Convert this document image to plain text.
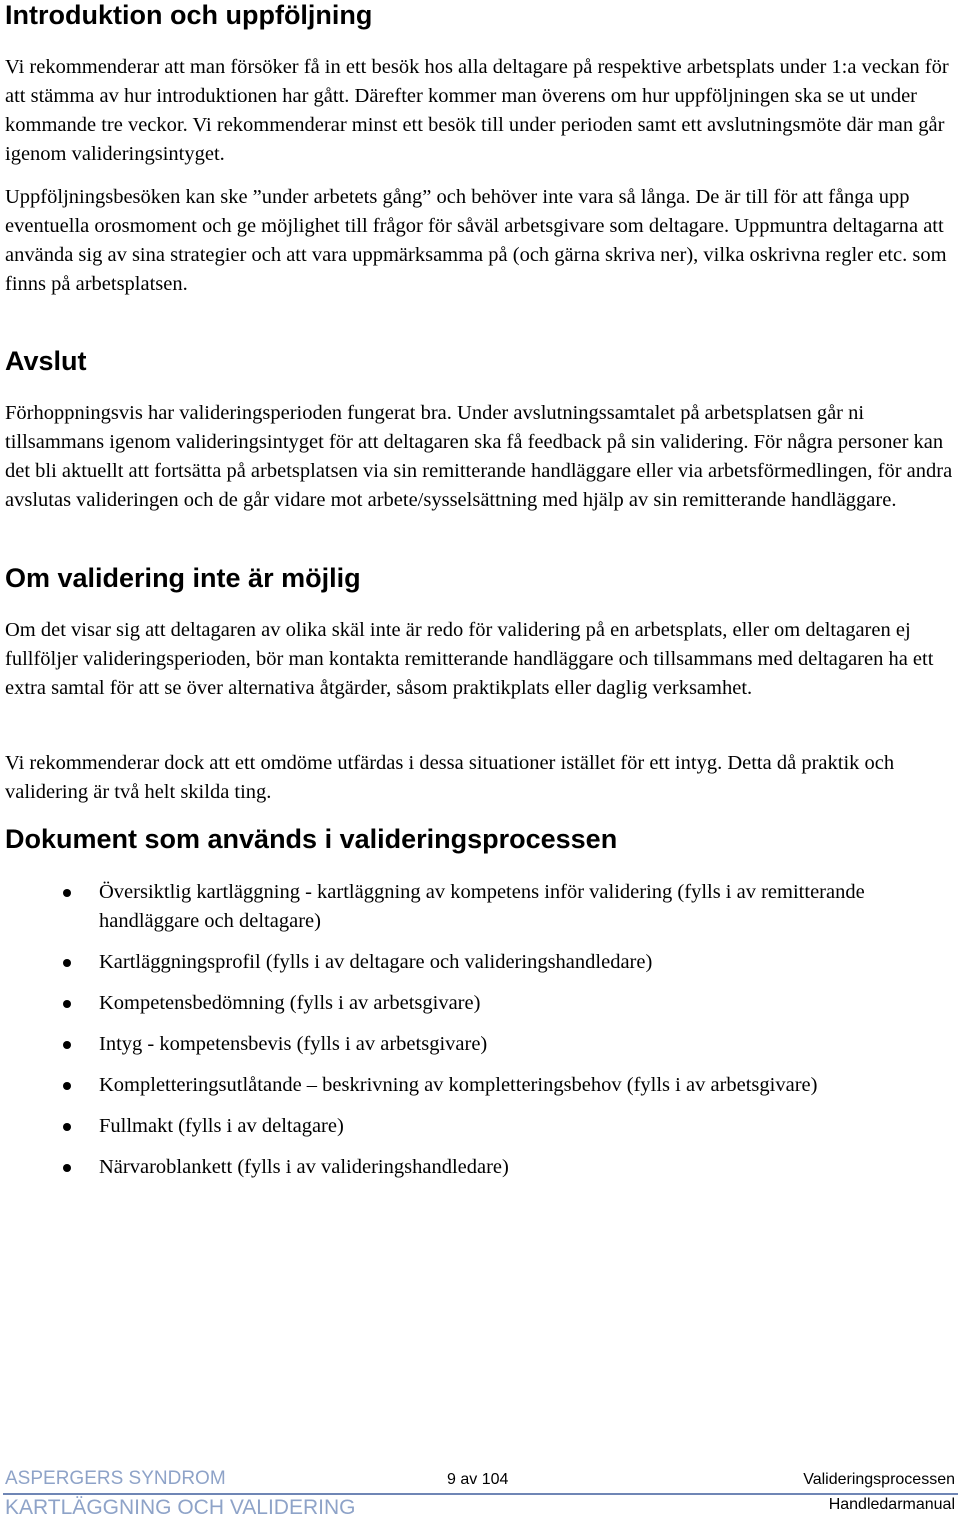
Introduktion och uppföljning

Vi rekommenderar att man försöker få in ett besök hos alla deltagare på respektive arbetsplats under 1:a veckan för att stämma av hur introduktionen har gått. Därefter kommer man överens om hur uppföljningen ska se ut under kommande tre veckor. Vi rekommenderar minst ett besök till under perioden samt ett avslutningsmöte där man går igenom valideringsintyget.

Uppföljningsbesöken kan ske ”under arbetets gång” och behöver inte vara så långa. De är till för att fånga upp eventuella orosmoment och ge möjlighet till frågor för såväl arbetsgivare som deltagare. Uppmuntra deltagarna att använda sig av sina strategier och att vara uppmärksamma på (och gärna skriva ner), vilka oskrivna regler etc. som finns på arbetsplatsen.

Avslut

Förhoppningsvis har valideringsperioden fungerat bra. Under avslutningssamtalet på arbetsplatsen går ni tillsammans igenom valideringsintyget för att deltagaren ska få feedback på sin validering. För några personer kan det bli aktuellt att fortsätta på arbetsplatsen via sin remitterande handläggare eller via arbetsförmedlingen, för andra avslutas valideringen och de går vidare mot arbete/sysselsättning med hjälp av sin remitterande handläggare.

Om validering inte är möjlig

Om det visar sig att deltagaren av olika skäl inte är redo för validering på en arbetsplats, eller om deltagaren ej fullföljer valideringsperioden, bör man kontakta remitterande handläggare och tillsammans med deltagaren ha ett extra samtal för att se över alternativa åtgärder, såsom praktikplats eller daglig verksamhet.

Vi rekommenderar dock att ett omdöme utfärdas i dessa situationer istället för ett intyg. Detta då praktik och validering är två helt skilda ting.

Dokument som används i valideringsprocessen
Översiktlig kartläggning - kartläggning av kompetens inför validering (fylls i av remitterande handläggare och deltagare)
Kartläggningsprofil (fylls i av deltagare och valideringshandledare)
Kompetensbedömning (fylls i av arbetsgivare)
Intyg - kompetensbevis (fylls i av arbetsgivare)
Kompletteringsutlåtande – beskrivning av kompletteringsbehov (fylls i av arbetsgivare)
Fullmakt (fylls i av deltagare)
Närvaroblankett (fylls i av valideringshandledare)
ASPERGERS SYNDROM
KARTLÄGGNING OCH VALIDERING
9 av 104	Valideringsprocessen
Handledarmanual
